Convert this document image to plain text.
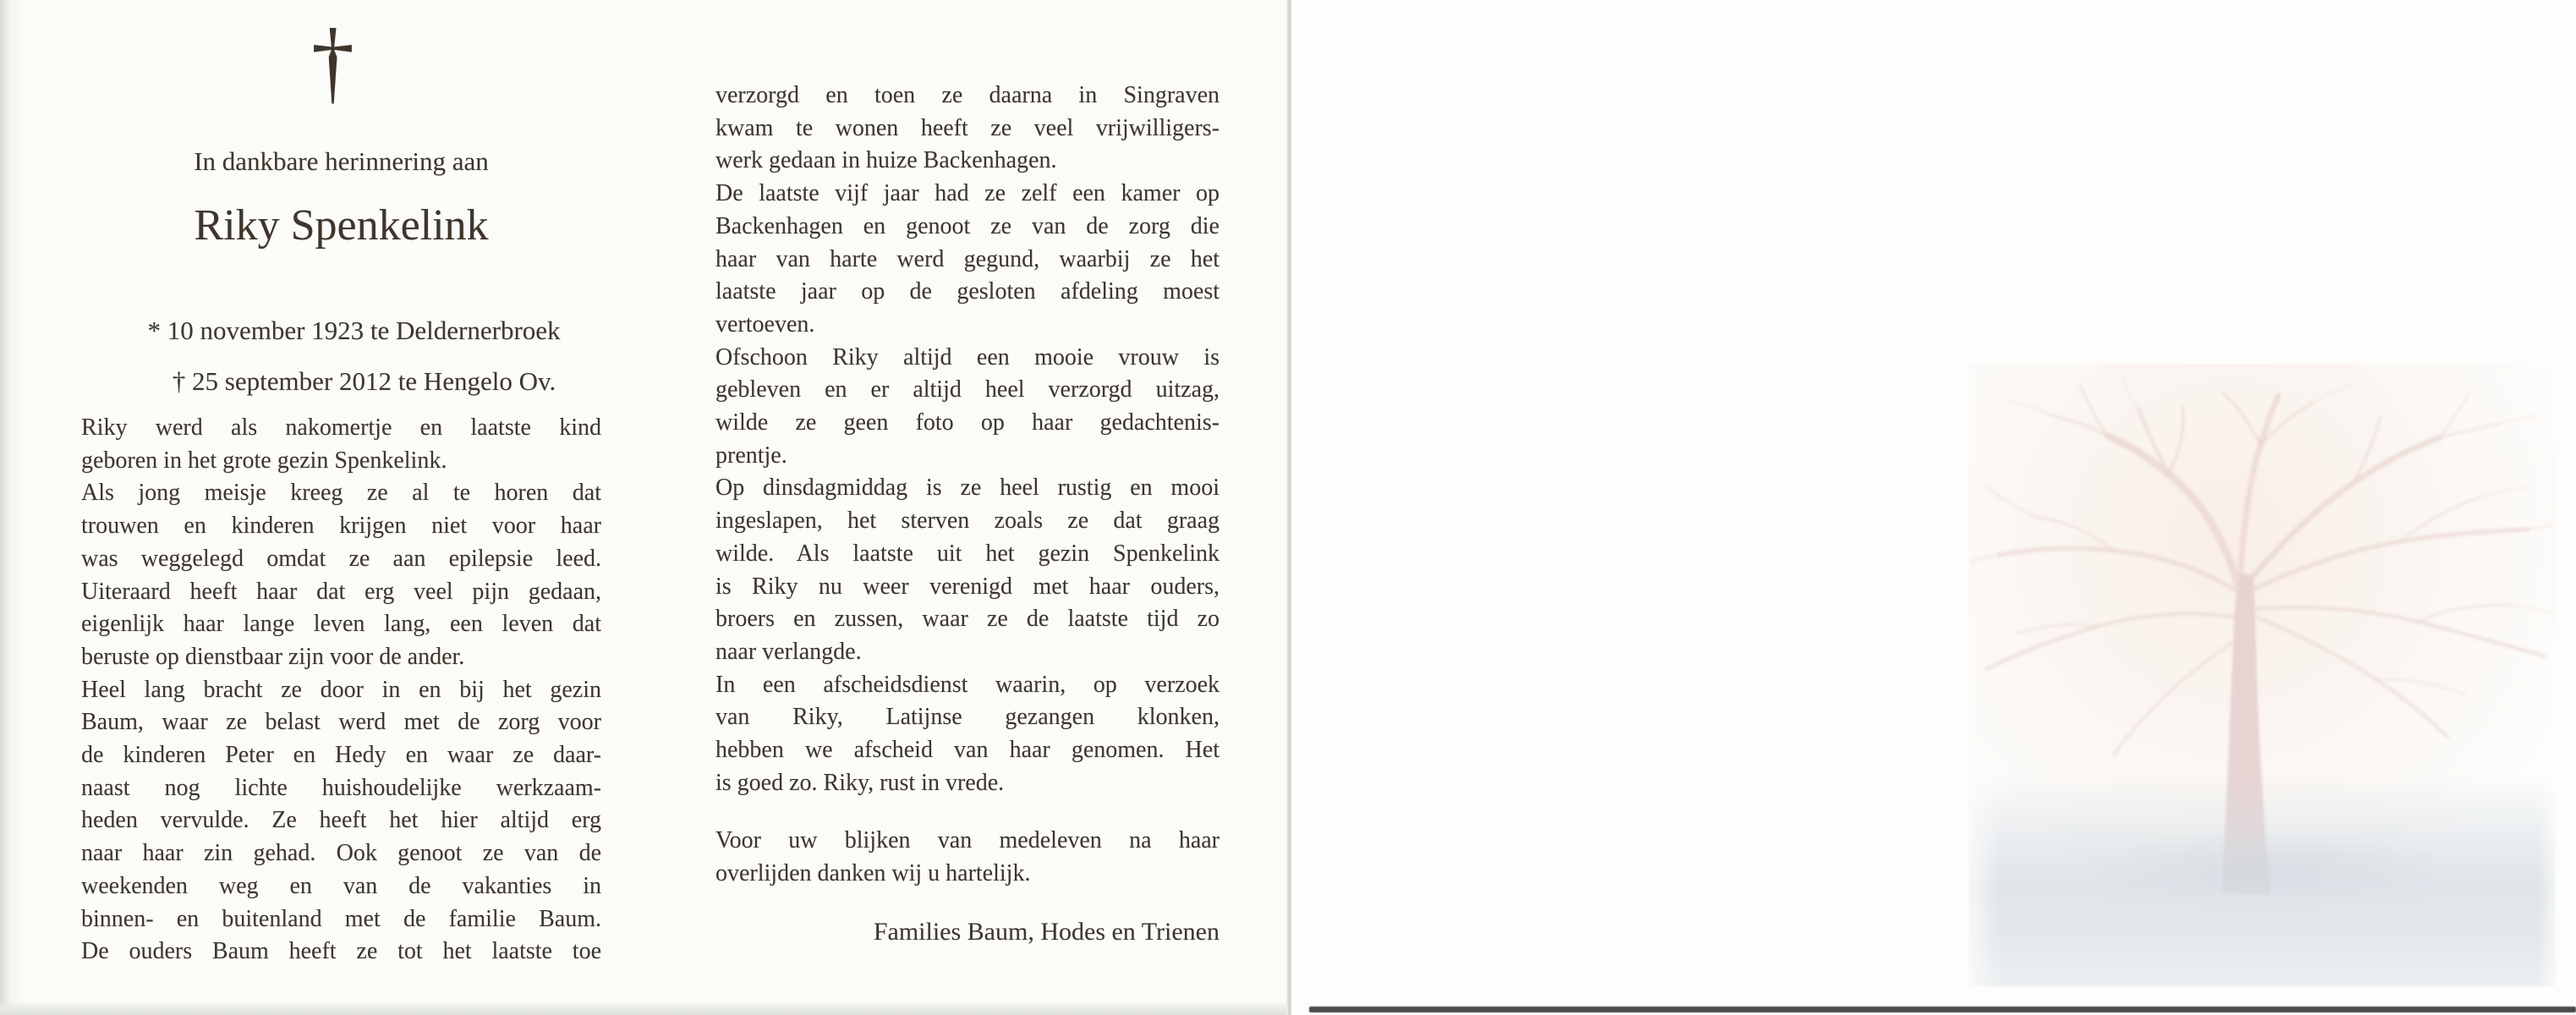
†
In dankbare herinnering aan
Riky Spenkelink
* 10 november 1923 te Deldernerbroek
† 25 september 2012 te Hengelo Ov.
Riky werd als nakomertje en laatste kind
geboren in het grote gezin Spenkelink.
Als jong meisje kreeg ze al te horen dat
trouwen en kinderen krijgen niet voor haar
was weggelegd omdat ze aan epilepsie leed.
Uiteraard heeft haar dat erg veel pijn gedaan,
eigenlijk haar lange leven lang, een leven dat
beruste op dienstbaar zijn voor de ander.
Heel lang bracht ze door in en bij het gezin
Baum, waar ze belast werd met de zorg voor
de kinderen Peter en Hedy en waar ze daar-
naast nog lichte huishoudelijke werkzaam-
heden vervulde. Ze heeft het hier altijd erg
naar haar zin gehad. Ook genoot ze van de
weekenden weg en van de vakanties in
binnen- en buitenland met de familie Baum.
De ouders Baum heeft ze tot het laatste toe
verzorgd en toen ze daarna in Singraven
kwam te wonen heeft ze veel vrijwilligers-
werk gedaan in huize Backenhagen.
De laatste vijf jaar had ze zelf een kamer op
Backenhagen en genoot ze van de zorg die
haar van harte werd gegund, waarbij ze het
laatste jaar op de gesloten afdeling moest
vertoeven.
Ofschoon Riky altijd een mooie vrouw is
gebleven en er altijd heel verzorgd uitzag,
wilde ze geen foto op haar gedachtenis-
prentje.
Op dinsdagmiddag is ze heel rustig en mooi
ingeslapen, het sterven zoals ze dat graag
wilde. Als laatste uit het gezin Spenkelink
is Riky nu weer verenigd met haar ouders,
broers en zussen, waar ze de laatste tijd zo
naar verlangde.
In een afscheidsdienst waarin, op verzoek
van Riky, Latijnse gezangen klonken,
hebben we afscheid van haar genomen. Het
is goed zo. Riky, rust in vrede.
Voor uw blijken van medeleven na haar
overlijden danken wij u hartelijk.
Families Baum, Hodes en Trienen
